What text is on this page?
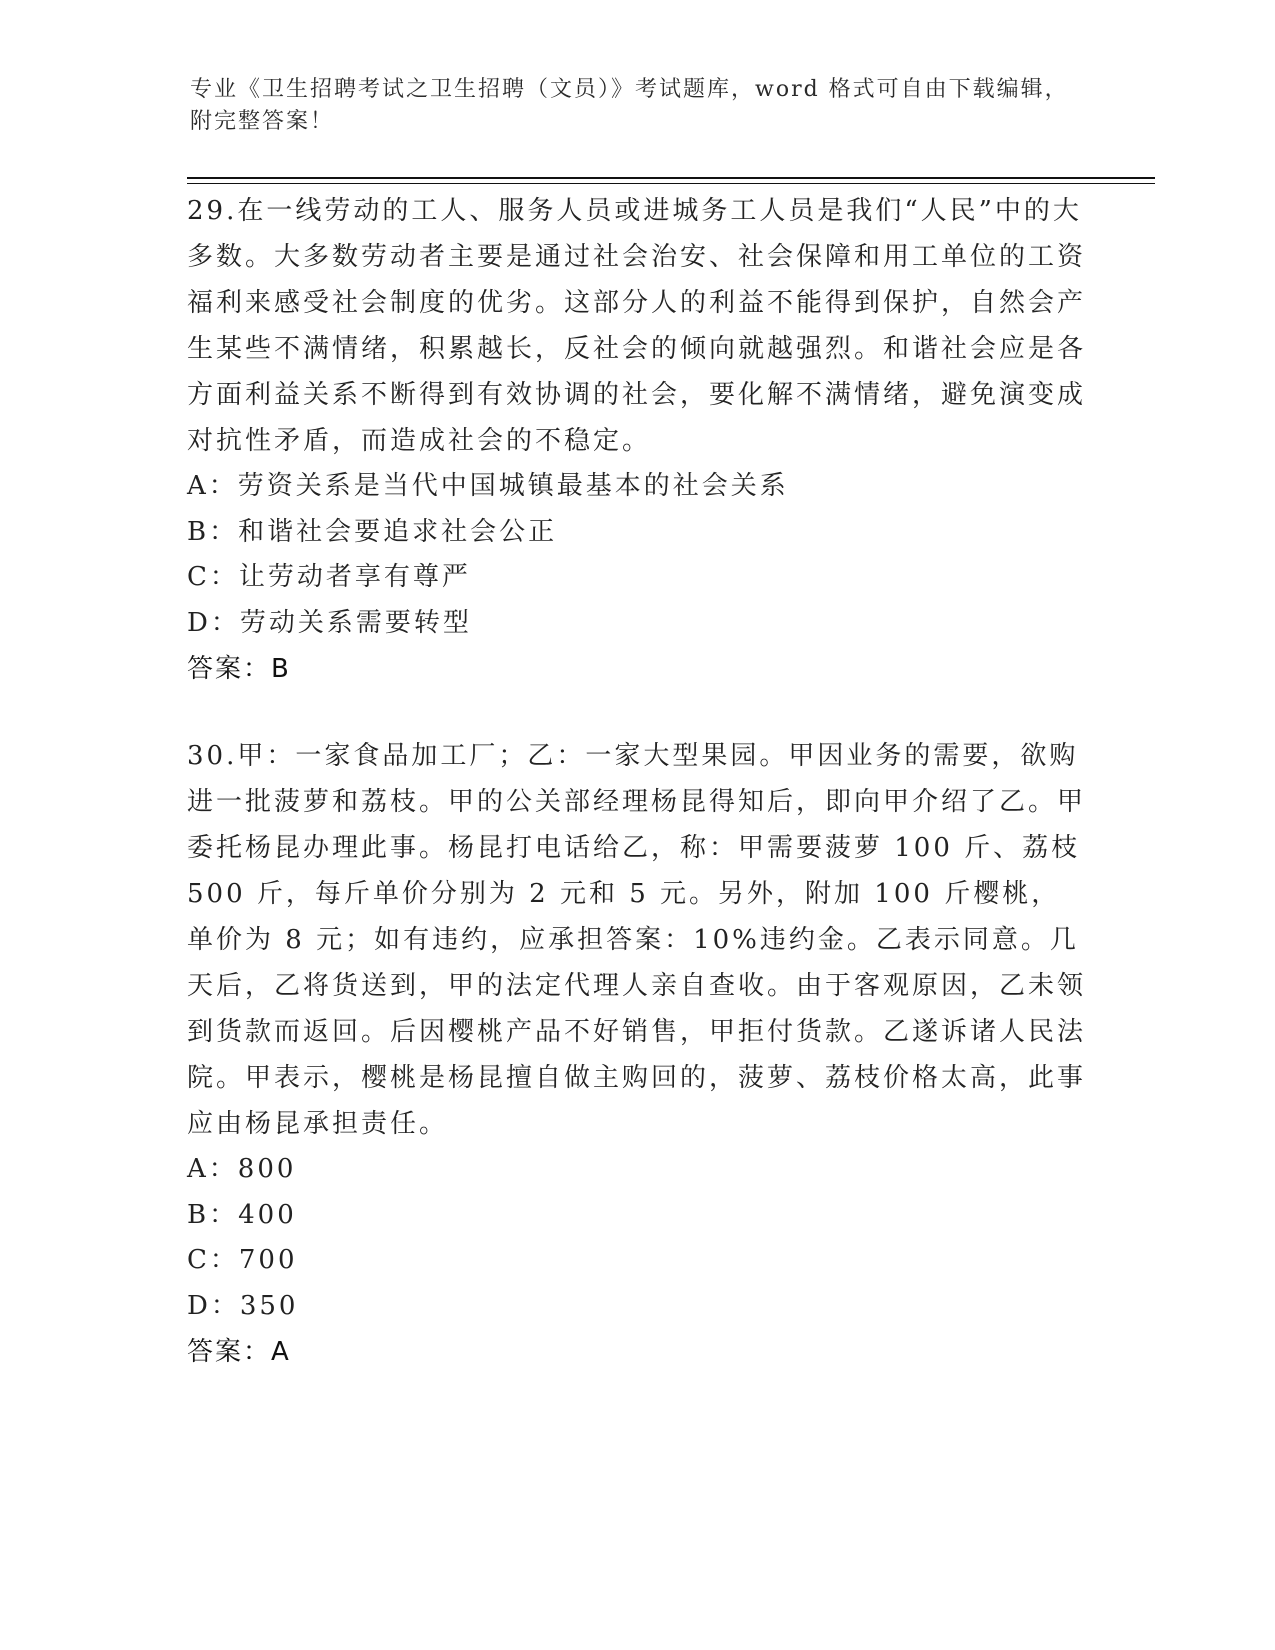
专业《卫生招聘考试之卫生招聘（文员）》考试题库，word 格式可自由下载编辑，附完整答案！

29.在一线劳动的工人、服务人员或进城务工人员是我们“人民”中的大多数。大多数劳动者主要是通过社会治安、社会保障和用工单位的工资福利来感受社会制度的优劣。这部分人的利益不能得到保护，自然会产生某些不满情绪，积累越长，反社会的倾向就越强烈。和谐社会应是各方面利益关系不断得到有效协调的社会，要化解不满情绪，避免演变成对抗性矛盾，而造成社会的不稳定。

A：劳资关系是当代中国城镇最基本的社会关系

B：和谐社会要追求社会公正

C：让劳动者享有尊严

D：劳动关系需要转型

答案：B

30.甲：一家食品加工厂；乙：一家大型果园。甲因业务的需要，欲购进一批菠萝和荔枝。甲的公关部经理杨昆得知后，即向甲介绍了乙。甲委托杨昆办理此事。杨昆打电话给乙，称：甲需要菠萝 100 斤、荔枝 500 斤，每斤单价分别为 2 元和 5 元。另外，附加 100 斤樱桃，单价为 8 元；如有违约，应承担答案：10%违约金。乙表示同意。几天后，乙将货送到，甲的法定代理人亲自查收。由于客观原因，乙未领到货款而返回。后因樱桃产品不好销售，甲拒付货款。乙遂诉诸人民法院。甲表示，樱桃是杨昆擅自做主购回的，菠萝、荔枝价格太高，此事应由杨昆承担责任。

A：800

B：400

C：700

D：350

答案：A
